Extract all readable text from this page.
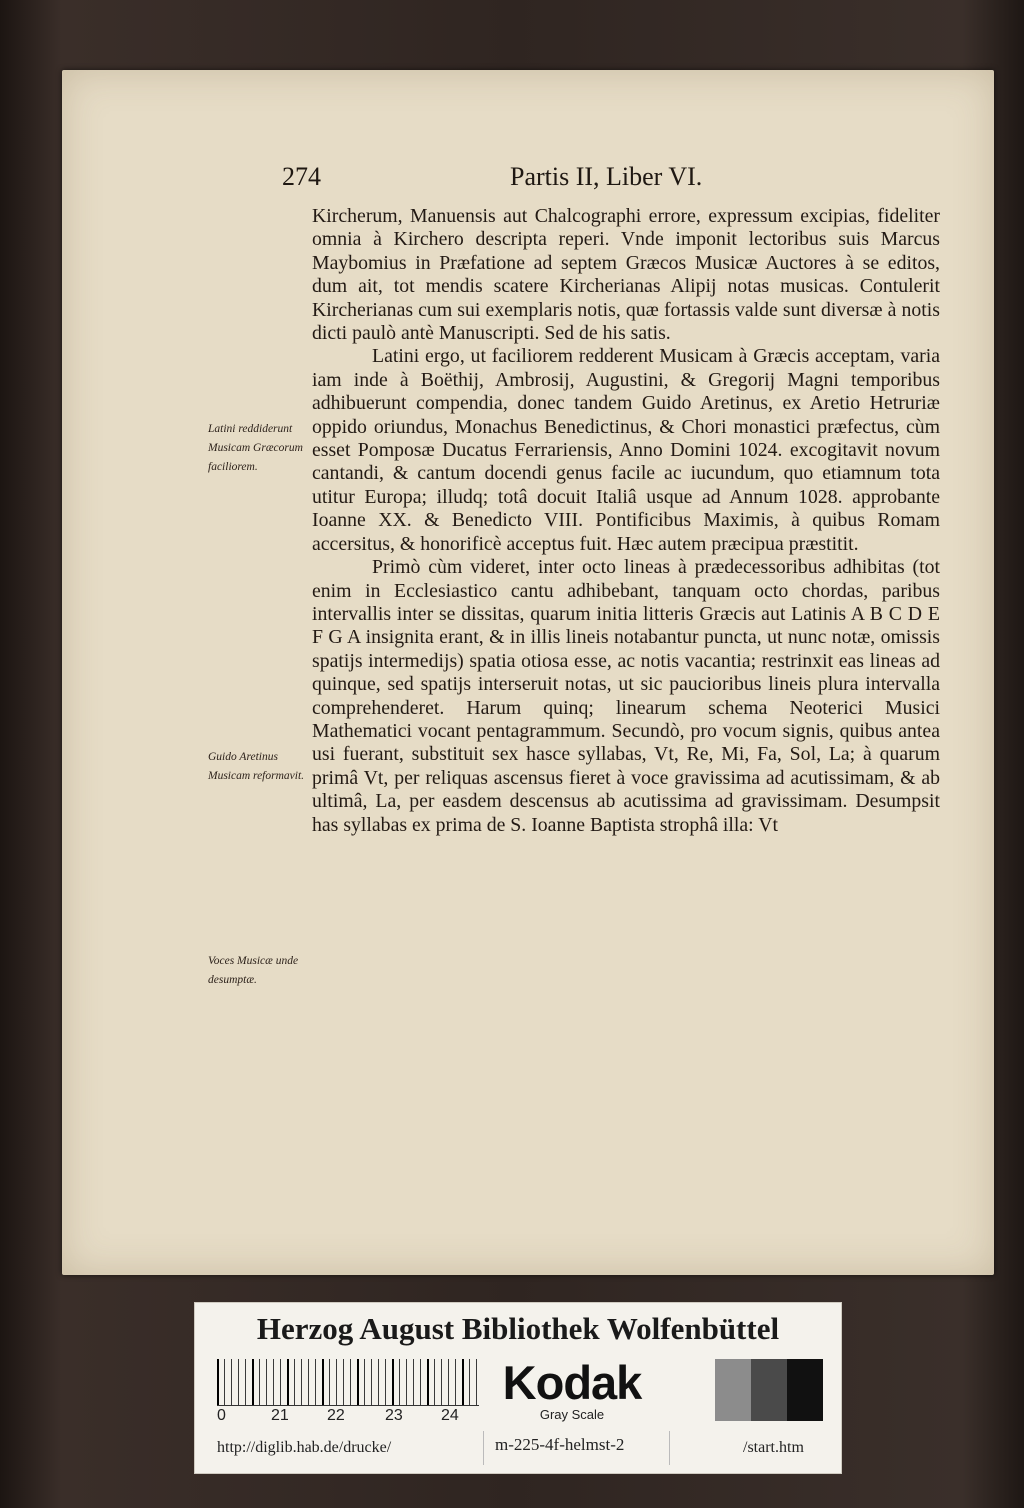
274	Partis II, Liber VI.
Latini reddiderunt Musicam Græcorum faciliorem.
Guido Aretinus Musicam reformavit.
Voces Musicæ unde desumptæ.

Kircherum, Manuensis aut Chalcographi errore, expressum excipias, fideliter omnia à Kirchero descripta reperi. Vnde imponit lectoribus suis Marcus Maybomius in Præfatione ad septem Græcos Musicæ Auctores à se editos, dum ait, tot mendis scatere Kircherianas Alipij notas musicas. Contulerit Kircherianas cum sui exemplaris notis, quæ fortassis valde sunt diversæ à notis dicti paulò antè Manuscripti. Sed de his satis.

Latini ergo, ut faciliorem redderent Musicam à Græcis acceptam, varia iam inde à Boëthij, Ambrosij, Augustini, & Gregorij Magni temporibus adhibuerunt compendia, donec tandem Guido Aretinus, ex Aretio Hetruriæ oppido oriundus, Monachus Benedictinus, & Chori monastici præfectus, cùm esset Pomposæ Ducatus Ferrariensis, Anno Domini 1024. excogitavit novum cantandi, & cantum docendi genus facile ac iucundum, quo etiamnum tota utitur Europa; illudq; totâ docuit Italiâ usque ad Annum 1028. approbante Ioanne XX. & Benedicto VIII. Pontificibus Maximis, à quibus Romam accersitus, & honorificè acceptus fuit. Hæc autem præcipua præstitit.

Primò cùm videret, inter octo lineas à prædecessoribus adhibitas (tot enim in Ecclesiastico cantu adhibebant, tanquam octo chordas, paribus intervallis inter se dissitas, quarum initia litteris Græcis aut Latinis A B C D E F G A insignita erant, & in illis lineis notabantur puncta, ut nunc notæ, omissis spatijs intermedijs) spatia otiosa esse, ac notis vacantia; restrinxit eas lineas ad quinque, sed spatijs interseruit notas, ut sic paucioribus lineis plura intervalla comprehenderet. Harum quinq; linearum schema Neoterici Musici Mathematici vocant pentagrammum. Secundò, pro vocum signis, quibus antea usi fuerant, substituit sex hasce syllabas, Vt, Re, Mi, Fa, Sol, La; à quarum primâ Vt, per reliquas ascensus fieret à voce gravissima ad acutissimam, & ab ultimâ, La, per easdem descensus ab acutissima ad gravissimam. Desumpsit has syllabas ex prima de S. Ioanne Baptista strophâ illa: Vt

Herzog August Bibliothek Wolfenbüttel
0	21 22	23 24
Kodak
Gray Scale
http://diglib.hab.de/drucke/	m-225-4f-helmst-2	/start.htm
